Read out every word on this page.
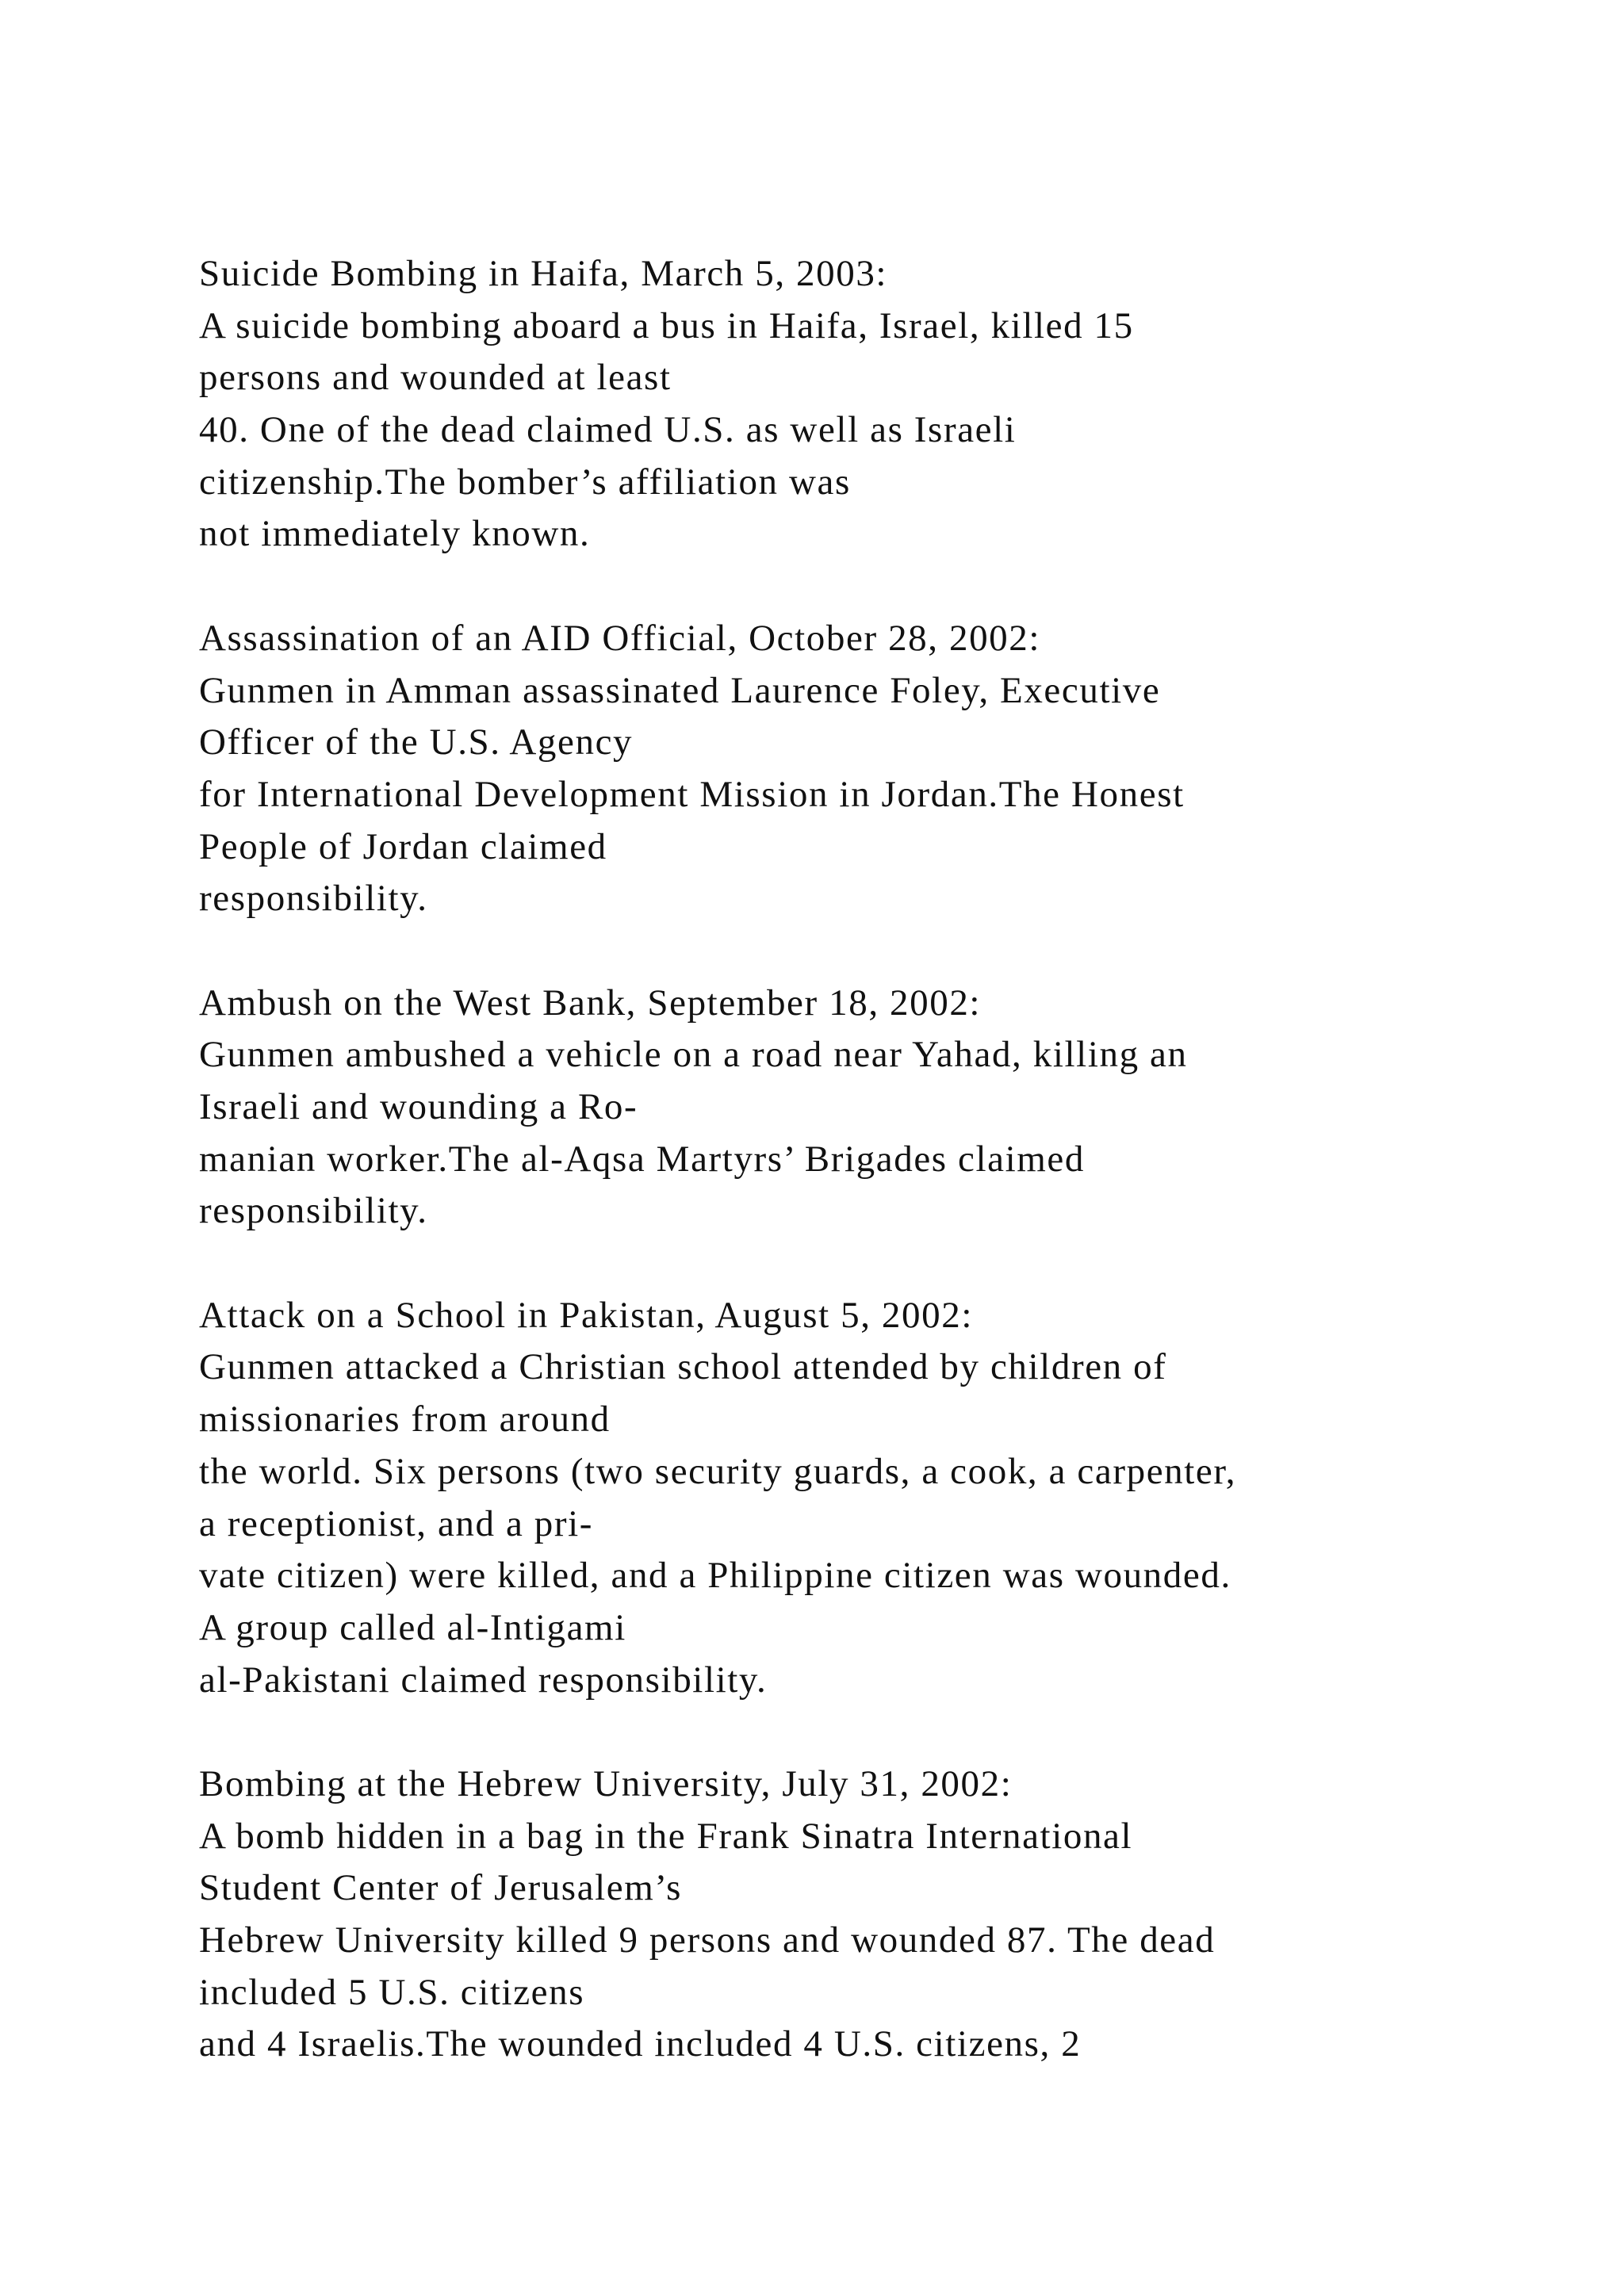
Suicide Bombing in Haifa, March 5, 2003:
A suicide bombing aboard a bus in Haifa, Israel, killed 15
persons and wounded at least
40. One of the dead claimed U.S. as well as Israeli
citizenship.The bomber’s affiliation was
not immediately known.
Assassination of an AID Official, October 28, 2002:
Gunmen in Amman assassinated Laurence Foley, Executive
Officer of the U.S. Agency
for International Development Mission in Jordan.The Honest
People of Jordan claimed
responsibility.
Ambush on the West Bank, September 18, 2002:
Gunmen ambushed a vehicle on a road near Yahad, killing an
Israeli and wounding a Ro-
manian worker.The al-Aqsa Martyrs’ Brigades claimed
responsibility.
Attack on a School in Pakistan, August 5, 2002:
Gunmen attacked a Christian school attended by children of
missionaries from around
the world. Six persons (two security guards, a cook, a carpenter,
a receptionist, and a pri-
vate citizen) were killed, and a Philippine citizen was wounded.
A group called al-Intigami
al-Pakistani claimed responsibility.
Bombing at the Hebrew University, July 31, 2002:
A bomb hidden in a bag in the Frank Sinatra International
Student Center of Jerusalem’s
Hebrew University killed 9 persons and wounded 87. The dead
included 5 U.S. citizens
and 4 Israelis.The wounded included 4 U.S. citizens, 2
